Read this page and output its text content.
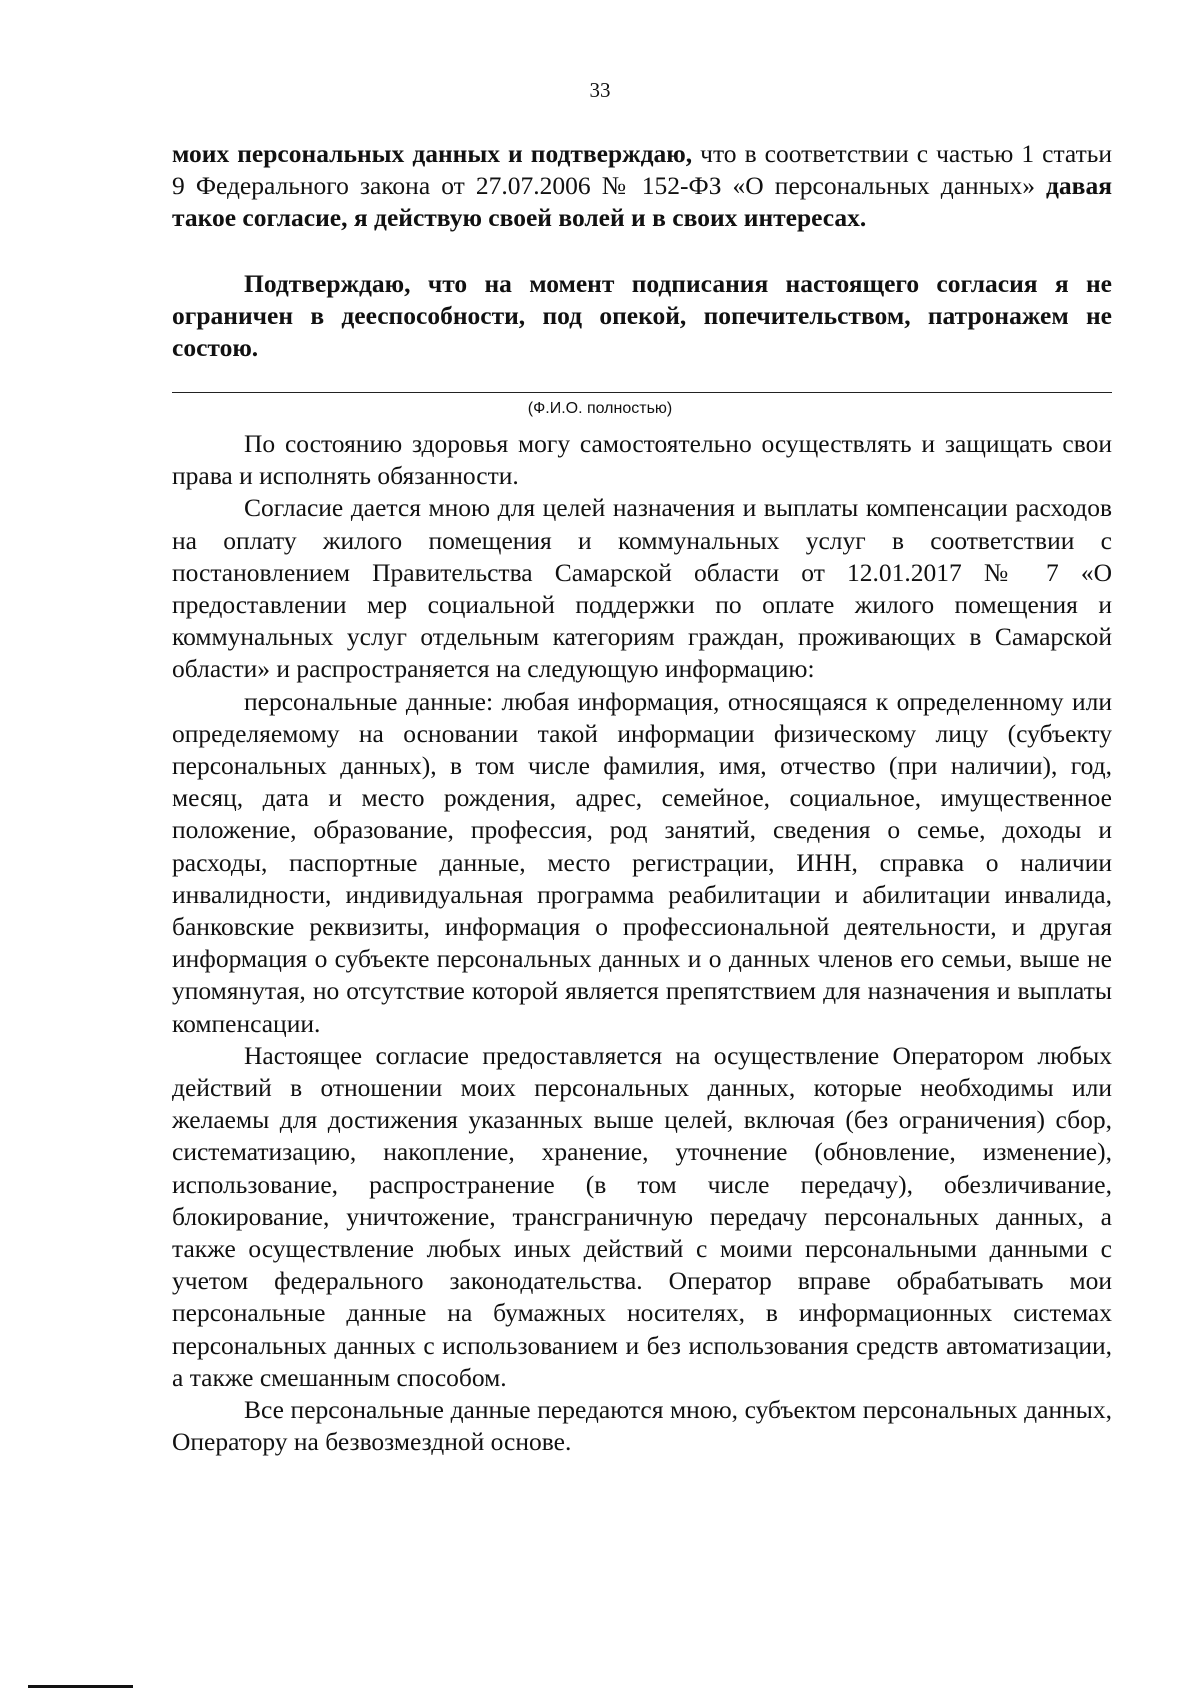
33

моих персональных данных и подтверждаю, что в соответствии с частью 1 статьи 9 Федерального закона от 27.07.2006 № 152-ФЗ «О персональных данных» давая такое согласие, я действую своей волей и в своих интересах.

Подтверждаю, что на момент подписания настоящего согласия я не ограничен в дееспособности, под опекой, попечительством, патронажем не состою.

(Ф.И.О. полностью)

По состоянию здоровья могу самостоятельно осуществлять и защищать свои права и исполнять обязанности.

Согласие дается мною для целей назначения и выплаты компенсации расходов на оплату жилого помещения и коммунальных услуг в соответствии с постановлением Правительства Самарской области от 12.01.2017 № 7 «О предоставлении мер социальной поддержки по оплате жилого помещения и коммунальных услуг отдельным категориям граждан, проживающих в Самарской области» и распространяется на следующую информацию:

персональные данные: любая информация, относящаяся к определенному или определяемому на основании такой информации физическому лицу (субъекту персональных данных), в том числе фамилия, имя, отчество (при наличии), год, месяц, дата и место рождения, адрес, семейное, социальное, имущественное положение, образование, профессия, род занятий, сведения о семье, доходы и расходы, паспортные данные, место регистрации, ИНН, справка о наличии инвалидности, индивидуальная программа реабилитации и абилитации инвалида, банковские реквизиты, информация о профессиональной деятельности, и другая информация о субъекте персональных данных и о данных членов его семьи, выше не упомянутая, но отсутствие которой является препятствием для назначения и выплаты компенсации.

Настоящее согласие предоставляется на осуществление Оператором любых действий в отношении моих персональных данных, которые необходимы или желаемы для достижения указанных выше целей, включая (без ограничения) сбор, систематизацию, накопление, хранение, уточнение (обновление, изменение), использование, распространение (в том числе передачу), обезличивание, блокирование, уничтожение, трансграничную передачу персональных данных, а также осуществление любых иных действий с моими персональными данными с учетом федерального законодательства. Оператор вправе обрабатывать мои персональные данные на бумажных носителях, в информационных системах персональных данных с использованием и без использования средств автоматизации, а также смешанным способом.

Все персональные данные передаются мною, субъектом персональных данных, Оператору на безвозмездной основе.
